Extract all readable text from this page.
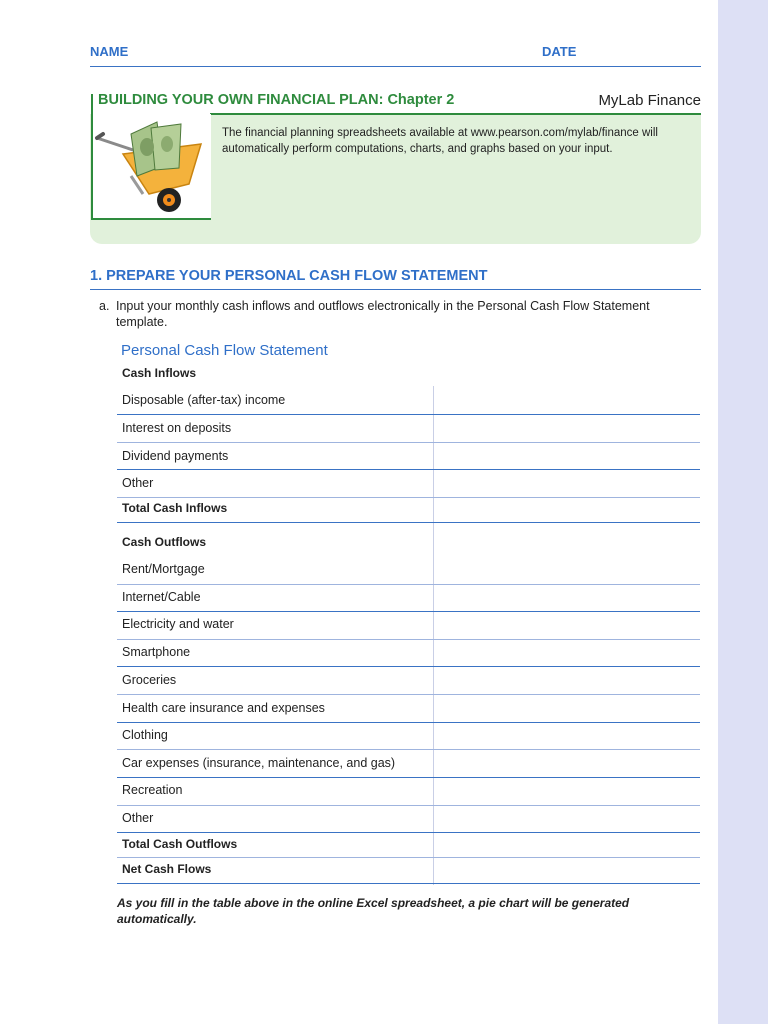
NAME	DATE
BUILDING YOUR OWN FINANCIAL PLAN: Chapter 2	MyLab Finance
The financial planning spreadsheets available at www.pearson.com/mylab/finance will automatically perform computations, charts, and graphs based on your input.
1. PREPARE YOUR PERSONAL CASH FLOW STATEMENT
a. Input your monthly cash inflows and outflows electronically in the Personal Cash Flow Statement template.
Personal Cash Flow Statement
Cash Inflows
Disposable (after-tax) income
Interest on deposits
Dividend payments
Other
Total Cash Inflows
Cash Outflows
Rent/Mortgage
Internet/Cable
Electricity and water
Smartphone
Groceries
Health care insurance and expenses
Clothing
Car expenses (insurance, maintenance, and gas)
Recreation
Other
Total Cash Outflows
Net Cash Flows
As you fill in the table above in the online Excel spreadsheet, a pie chart will be generated automatically.
